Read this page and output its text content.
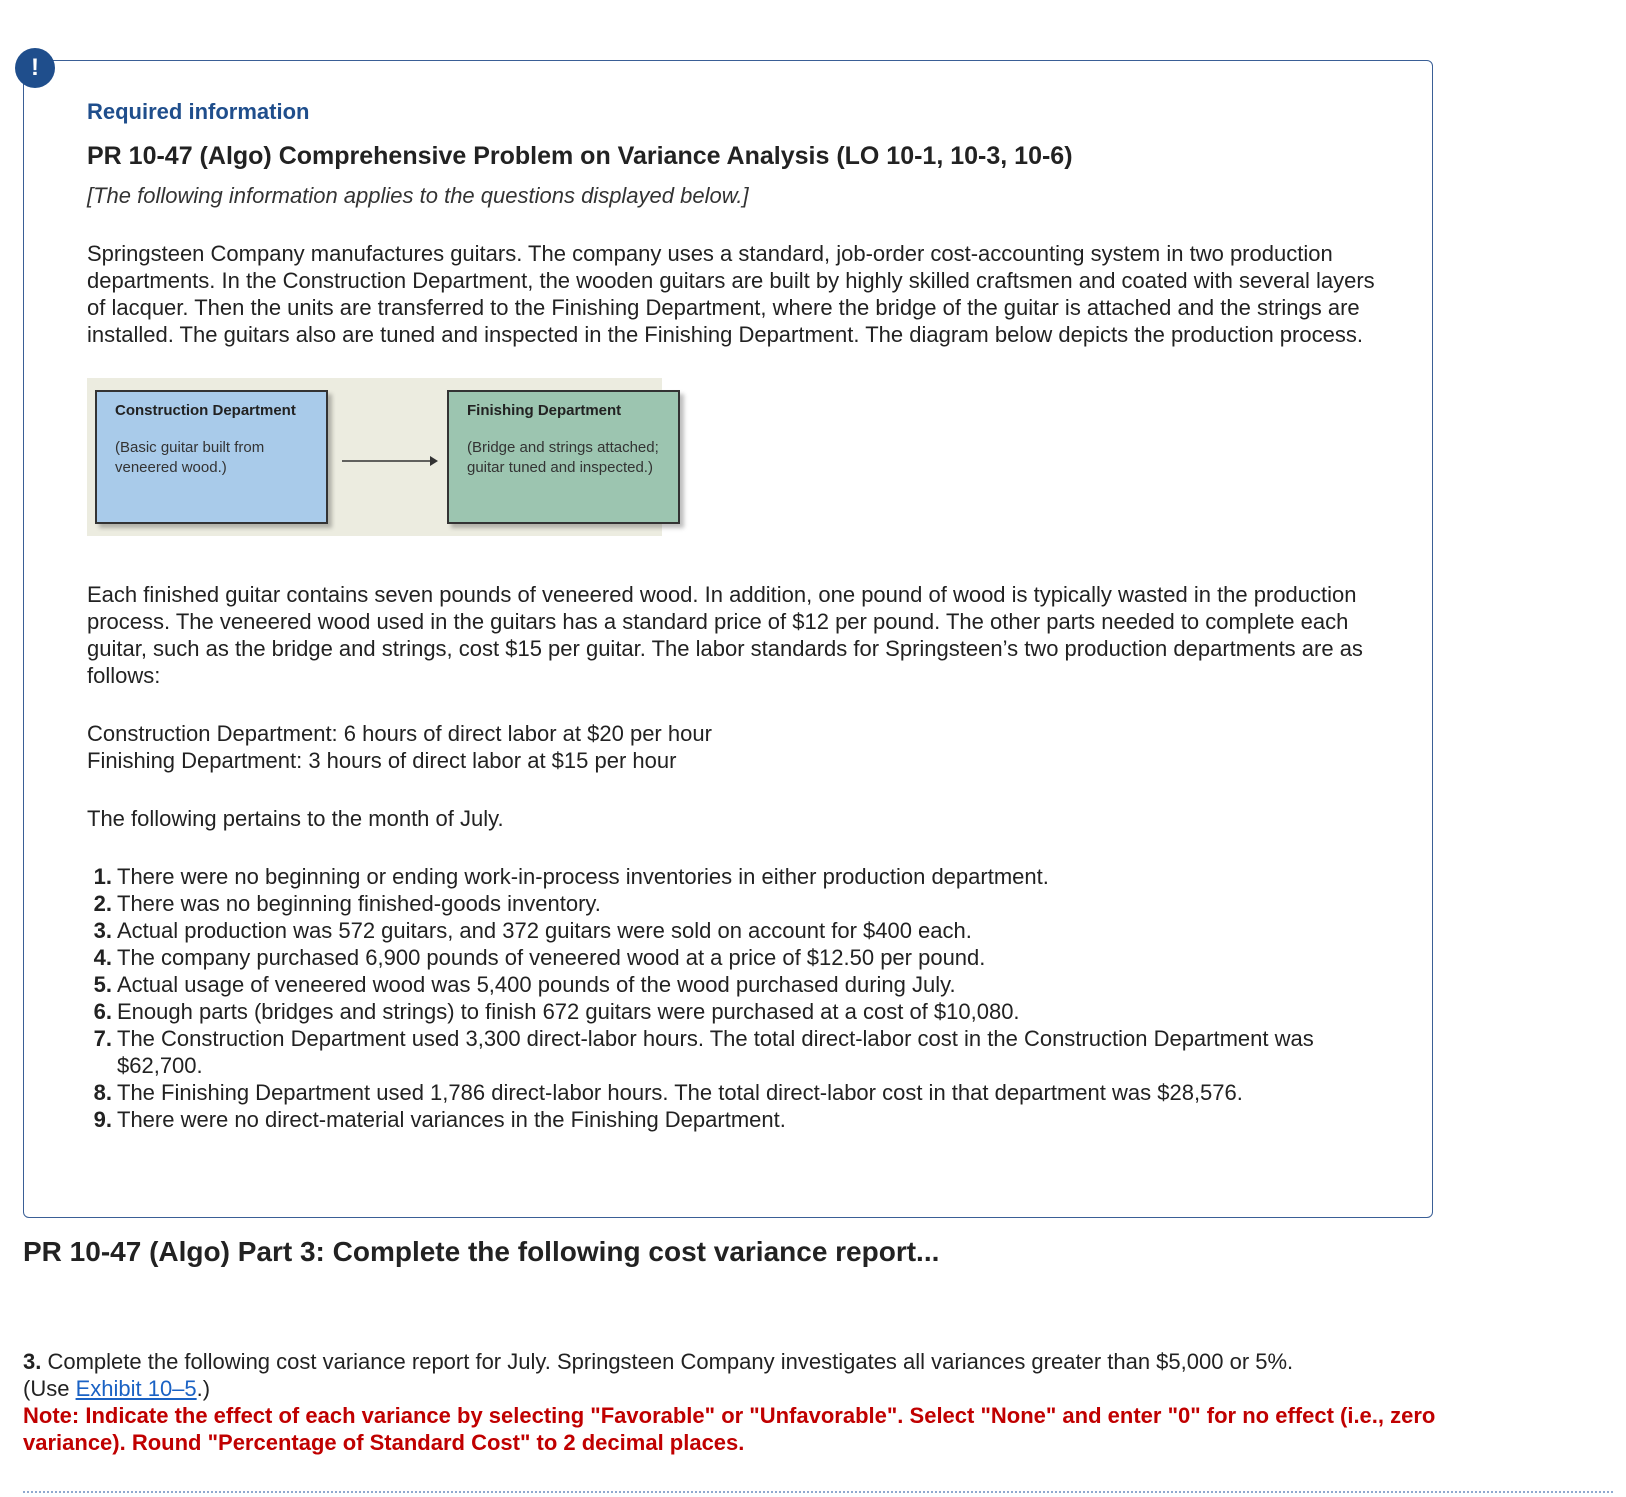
!

Required information

PR 10-47 (Algo) Comprehensive Problem on Variance Analysis (LO 10-1, 10-3, 10-6)

[The following information applies to the questions displayed below.]

Springsteen Company manufactures guitars. The company uses a standard, job-order cost-accounting system in two production departments. In the Construction Department, the wooden guitars are built by highly skilled craftsmen and coated with several layers of lacquer. Then the units are transferred to the Finishing Department, where the bridge of the guitar is attached and the strings are installed. The guitars also are tuned and inspected in the Finishing Department. The diagram below depicts the production process.

Construction Department

(Basic guitar built from veneered wood.)

Finishing Department

(Bridge and strings attached; guitar tuned and inspected.)

Each finished guitar contains seven pounds of veneered wood. In addition, one pound of wood is typically wasted in the production process. The veneered wood used in the guitars has a standard price of $12 per pound. The other parts needed to complete each guitar, such as the bridge and strings, cost $15 per guitar. The labor standards for Springsteen’s two production departments are as follows:

Construction Department: 6 hours of direct labor at $20 per hour

Finishing Department: 3 hours of direct labor at $15 per hour

The following pertains to the month of July.

1. There were no beginning or ending work-in-process inventories in either production department.
2. There was no beginning finished-goods inventory.
3. Actual production was 572 guitars, and 372 guitars were sold on account for $400 each.
4. The company purchased 6,900 pounds of veneered wood at a price of $12.50 per pound.
5. Actual usage of veneered wood was 5,400 pounds of the wood purchased during July.
6. Enough parts (bridges and strings) to finish 672 guitars were purchased at a cost of $10,080.
7. The Construction Department used 3,300 direct-labor hours. The total direct-labor cost in the Construction Department was $62,700.
8. The Finishing Department used 1,786 direct-labor hours. The total direct-labor cost in that department was $28,576.
9. There were no direct-material variances in the Finishing Department.
PR 10-47 (Algo) Part 3: Complete the following cost variance report...
3. Complete the following cost variance report for July. Springsteen Company investigates all variances greater than $5,000 or 5%.
(Use Exhibit 10–5.)
Note: Indicate the effect of each variance by selecting "Favorable" or "Unfavorable". Select "None" and enter "0" for no effect (i.e., zero variance). Round "Percentage of Standard Cost" to 2 decimal places.
